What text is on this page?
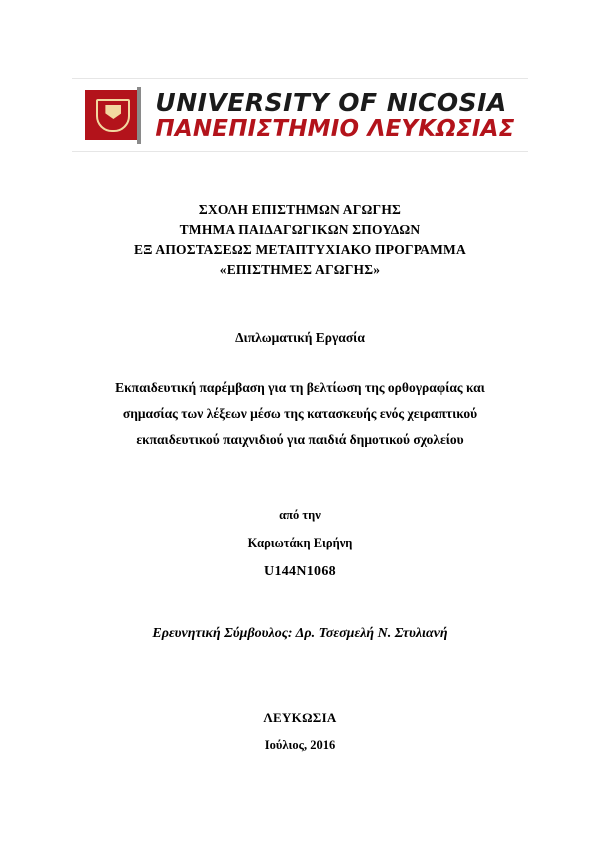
UNIVERSITY OF NICOSIA
ΠΑΝΕΠΙΣΤΗΜΙΟ ΛΕΥΚΩΣΙΑΣ
ΣΧΟΛΗ ΕΠΙΣΤΗΜΩΝ ΑΓΩΓΗΣ
ΤΜΗΜΑ ΠΑΙΔΑΓΩΓΙΚΩΝ ΣΠΟΥΔΩΝ
ΕΞ ΑΠΟΣΤΑΣΕΩΣ ΜΕΤΑΠΤΥΧΙΑΚΟ ΠΡΟΓΡΑΜΜΑ
«ΕΠΙΣΤΗΜΕΣ ΑΓΩΓΗΣ»
Διπλωματική Εργασία
Εκπαιδευτική παρέμβαση για τη βελτίωση της ορθογραφίας και
σημασίας των λέξεων μέσω της κατασκευής ενός χειραπτικού
εκπαιδευτικού παιχνιδιού για παιδιά δημοτικού σχολείου
από την
Καριωτάκη Ειρήνη
U144N1068
Ερευνητική Σύμβουλος: Δρ. Τσεσμελή Ν. Στυλιανή
ΛΕΥΚΩΣΙΑ
Ιούλιος, 2016
